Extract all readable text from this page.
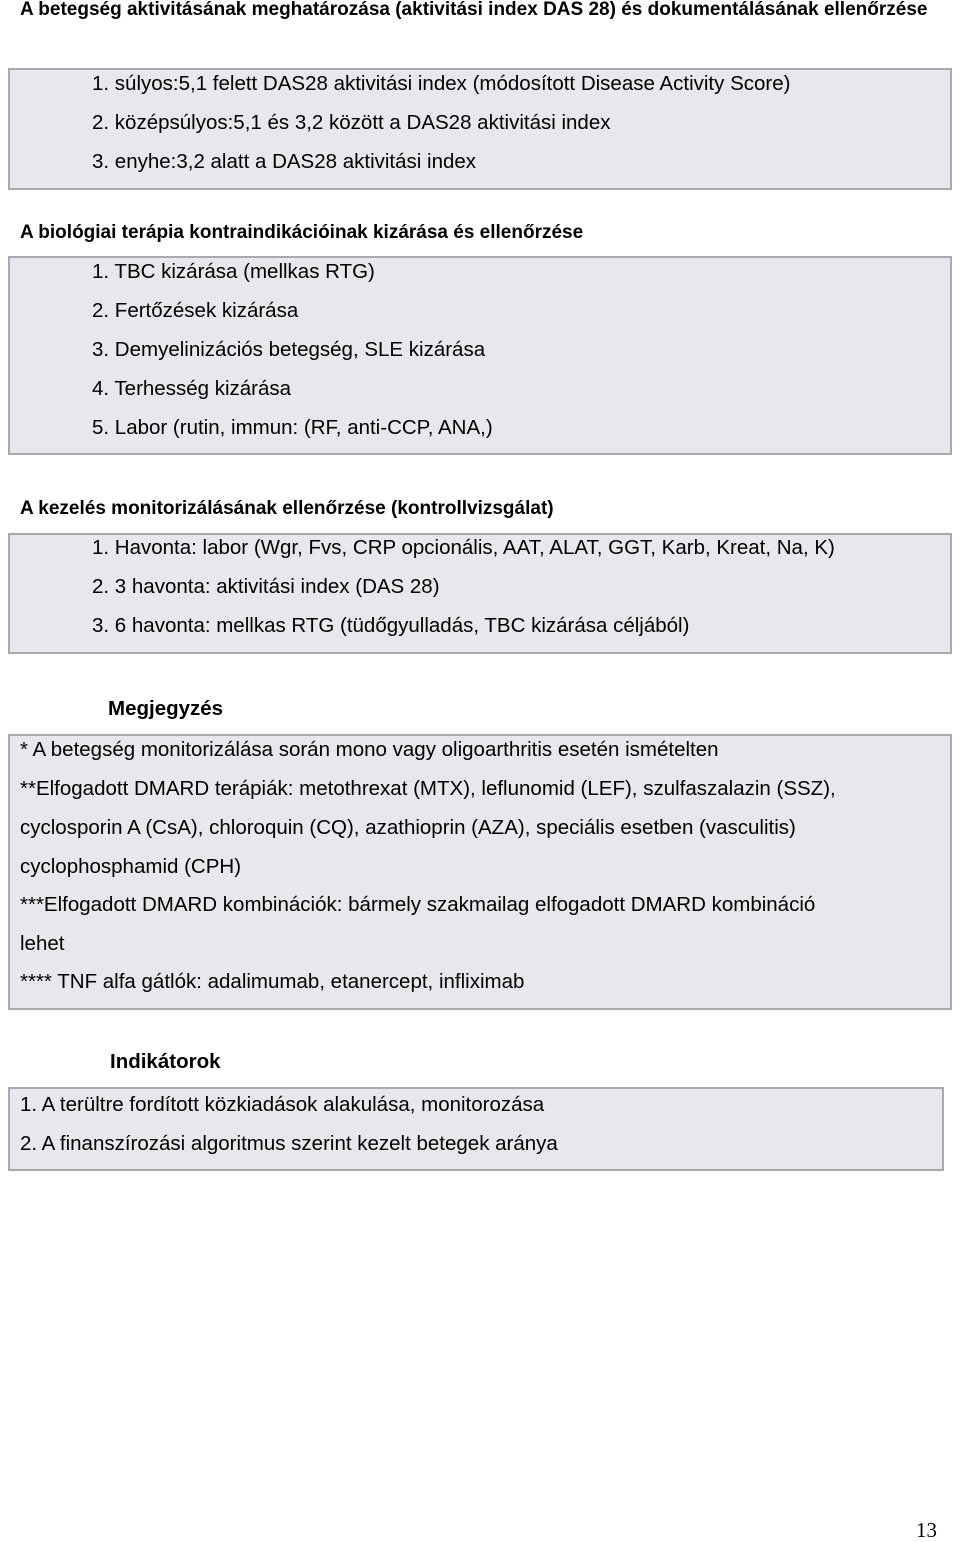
A betegség aktivitásának meghatározása (aktivitási index DAS 28) és dokumentálásának ellenőrzése
1. súlyos:5,1 felett DAS28 aktivitási index (módosított Disease Activity Score)
2. középsúlyos:5,1 és 3,2 között a DAS28 aktivitási index
3. enyhe:3,2 alatt a DAS28 aktivitási index
A biológiai terápia kontraindikációinak kizárása és ellenőrzése
1. TBC kizárása (mellkas RTG)
2. Fertőzések kizárása
3. Demyelinizációs betegség, SLE kizárása
4. Terhesség kizárása
5. Labor (rutin, immun: (RF, anti-CCP, ANA,)
A kezelés monitorizálásának ellenőrzése (kontrollvizsgálat)
1. Havonta: labor (Wgr, Fvs, CRP opcionális, AAT, ALAT, GGT, Karb, Kreat, Na, K)
2. 3 havonta: aktivitási index (DAS 28)
3. 6 havonta: mellkas RTG (tüdőgyulladás, TBC kizárása céljából)
Megjegyzés
* A betegség monitorizálása során mono vagy oligoarthritis esetén ismételten
**Elfogadott DMARD terápiák: metothrexat (MTX), leflunomid (LEF), szulfaszalazin (SSZ),
cyclosporin A (CsA), chloroquin (CQ), azathioprin (AZA), speciális esetben (vasculitis)
cyclophosphamid (CPH)
***Elfogadott DMARD kombinációk: bármely szakmailag elfogadott DMARD kombináció
lehet
**** TNF alfa gátlók: adalimumab, etanercept, infliximab
Indikátorok
1. A terültre fordított közkiadások alakulása, monitorozása
2. A finanszírozási algoritmus szerint kezelt betegek aránya
13
